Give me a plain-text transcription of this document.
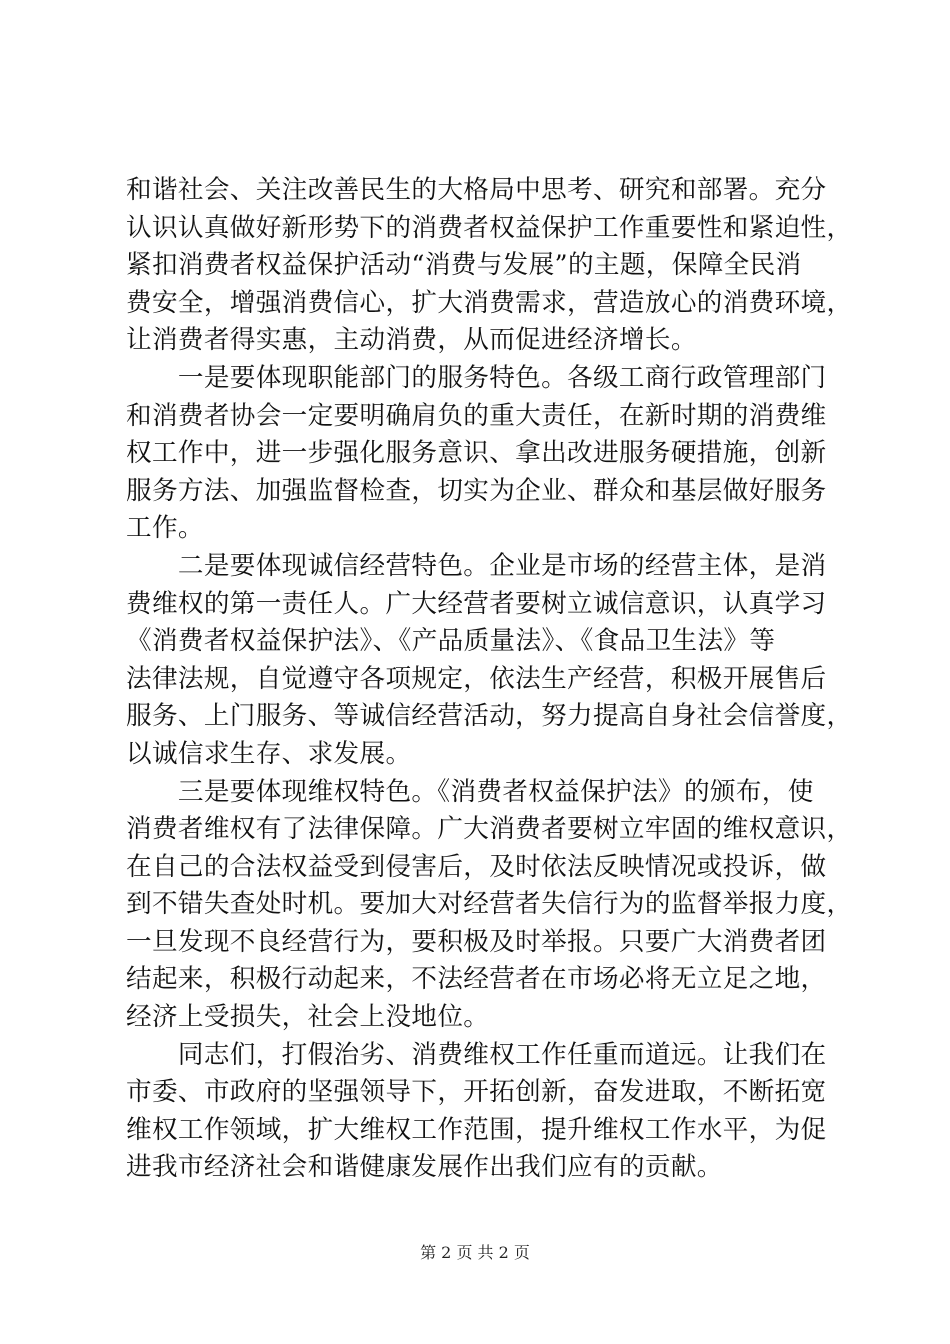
和谐社会、关注改善民生的大格局中思考、研究和部署。充分
认识认真做好新形势下的消费者权益保护工作重要性和紧迫性，
紧扣消费者权益保护活动“消费与发展”的主题，保障全民消
费安全，增强消费信心，扩大消费需求，营造放心的消费环境，
让消费者得实惠，主动消费，从而促进经济增长。
　　一是要体现职能部门的服务特色。各级工商行政管理部门
和消费者协会一定要明确肩负的重大责任，在新时期的消费维
权工作中，进一步强化服务意识、拿出改进服务硬措施，创新
服务方法、加强监督检查，切实为企业、群众和基层做好服务
工作。
　　二是要体现诚信经营特色。企业是市场的经营主体，是消
费维权的第一责任人。广大经营者要树立诚信意识，认真学习
《消费者权益保护法》、《产品质量法》、《食品卫生法》等
法律法规，自觉遵守各项规定，依法生产经营，积极开展售后
服务、上门服务、等诚信经营活动，努力提高自身社会信誉度，
以诚信求生存、求发展。
　　三是要体现维权特色。《消费者权益保护法》的颁布，使
消费者维权有了法律保障。广大消费者要树立牢固的维权意识，
在自己的合法权益受到侵害后，及时依法反映情况或投诉，做
到不错失查处时机。要加大对经营者失信行为的监督举报力度，
一旦发现不良经营行为，要积极及时举报。只要广大消费者团
结起来，积极行动起来，不法经营者在市场必将无立足之地，
经济上受损失，社会上没地位。
　　同志们，打假治劣、消费维权工作任重而道远。让我们在
市委、市政府的坚强领导下，开拓创新，奋发进取，不断拓宽
维权工作领域，扩大维权工作范围，提升维权工作水平，为促
进我市经济社会和谐健康发展作出我们应有的贡献。
第 2 页 共 2 页
